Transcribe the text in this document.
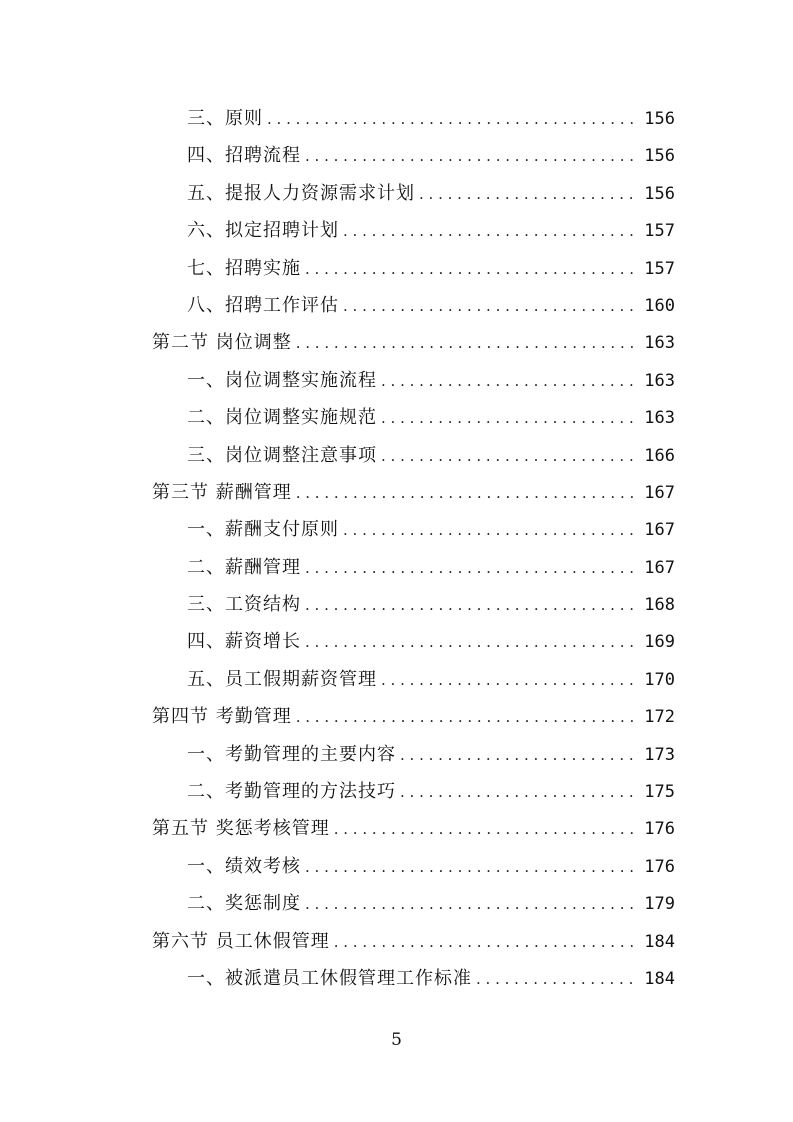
三、原则 . . .	156
四、招聘流程 . . .	156
五、提报人力资源需求计划 . . .	156
六、拟定招聘计划 . . .	157
七、招聘实施 . . .	157
八、招聘工作评估 . . .	160
第二节 岗位调整 . . .	163
一、岗位调整实施流程 . . .	163
二、岗位调整实施规范 . . .	163
三、岗位调整注意事项 . . .	166
第三节 薪酬管理 . . .	167
一、薪酬支付原则 . . .	167
二、薪酬管理 . . .	167
三、工资结构 . . .	168
四、薪资增长 . . .	169
五、员工假期薪资管理 . . .	170
第四节 考勤管理 . . .	172
一、考勤管理的主要内容 . . .	173
二、考勤管理的方法技巧 . . .	175
第五节 奖惩考核管理 . . .	176
一、绩效考核 . . .	176
二、奖惩制度 . . .	179
第六节 员工休假管理 . . .	184
一、被派遣员工休假管理工作标准 . . .	184
5
